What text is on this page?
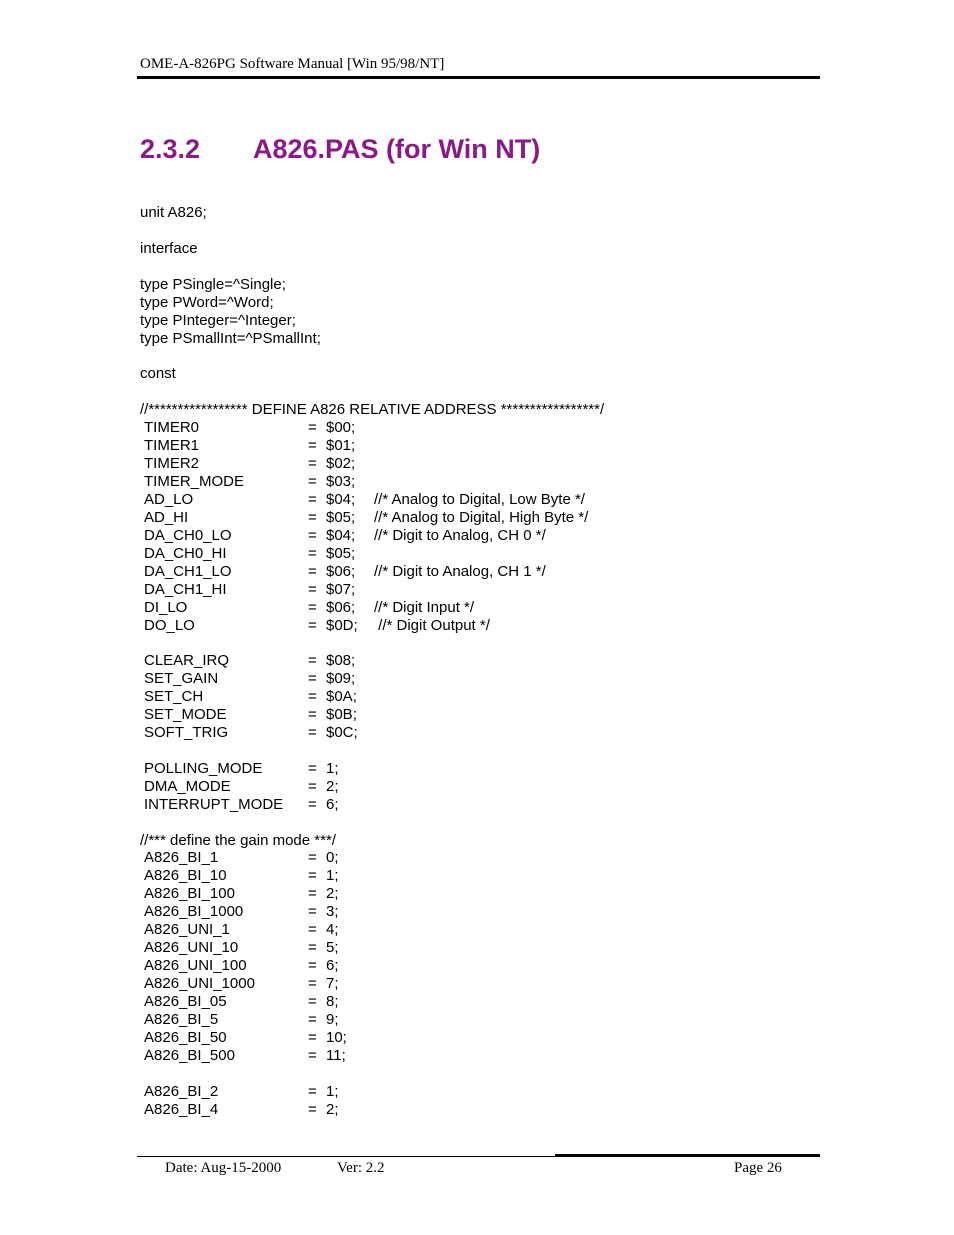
OME-A-826PG Software Manual [Win 95/98/NT]
2.3.2 A826.PAS (for Win NT)
unit A826;
interface
type PSingle=^Single;
type PWord=^Word;
type PInteger=^Integer;
type PSmallInt=^PSmallInt;
const
//***************** DEFINE A826 RELATIVE ADDRESS *****************/
TIMER0	= $00;
TIMER1	= $01;
TIMER2	= $02;
TIMER_MODE	= $03;
AD_LO	= $04; //* Analog to Digital, Low Byte */
AD_HI	= $05; //* Analog to Digital, High Byte */
DA_CH0_LO	= $04; //* Digit to Analog, CH 0 */
DA_CH0_HI	= $05;
DA_CH1_LO	= $06; //* Digit to Analog, CH 1 */
DA_CH1_HI	= $07;
DI_LO	= $06; //* Digit Input */
DO_LO	= $0D; //* Digit Output */
CLEAR_IRQ	= $08;
SET_GAIN	= $09;
SET_CH	= $0A;
SET_MODE	= $0B;
SOFT_TRIG	= $0C;
POLLING_MODE	= 1;
DMA_MODE	= 2;
INTERRUPT_MODE = 6;
//*** define the gain mode ***/
A826_BI_1	= 0;
A826_BI_10	= 1;
A826_BI_100	= 2;
A826_BI_1000	= 3;
A826_UNI_1	= 4;
A826_UNI_10	= 5;
A826_UNI_100	= 6;
A826_UNI_1000	= 7;
A826_BI_05	= 8;
A826_BI_5	= 9;
A826_BI_50	= 10;
A826_BI_500	= 11;
A826_BI_2	= 1;
A826_BI_4	= 2;
Date: Aug-15-2000	Ver: 2.2	Page 26
